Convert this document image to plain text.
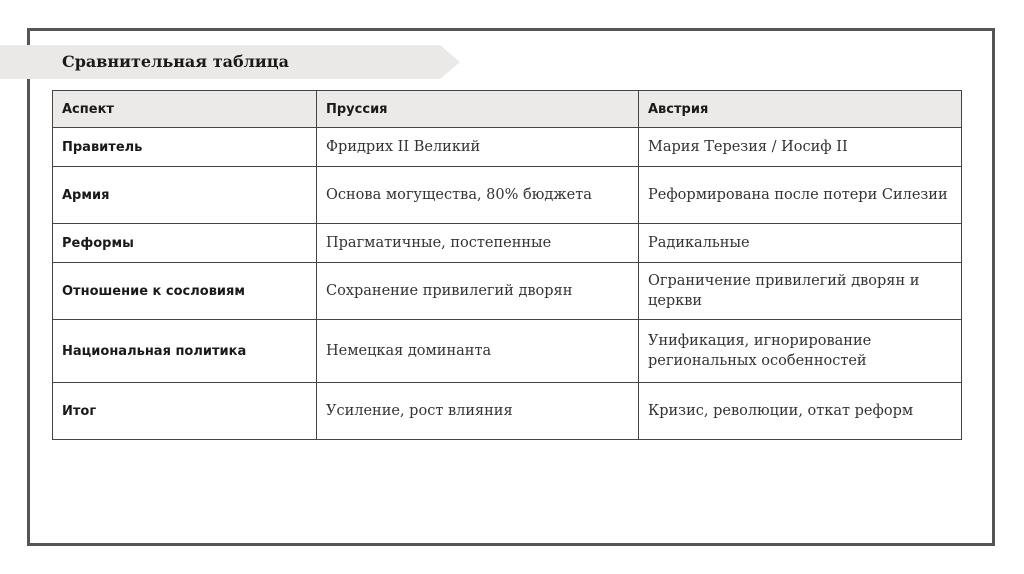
Сравнительная таблица
Аспект	Пруссия	Австрия
Правитель	Фридрих II Великий	Мария Терезия / Иосиф II
Армия	Основа могущества, 80% бюджета	Реформирована после потери Силезии
Реформы	Прагматичные, постепенные	Радикальные
Отношение к сословиям	Сохранение привилегий дворян	Ограничение привилегий дворян и церкви
Национальная политика	Немецкая доминанта	Унификация, игнорирование региональных особенностей
Итог	Усиление, рост влияния	Кризис, революции, откат реформ
